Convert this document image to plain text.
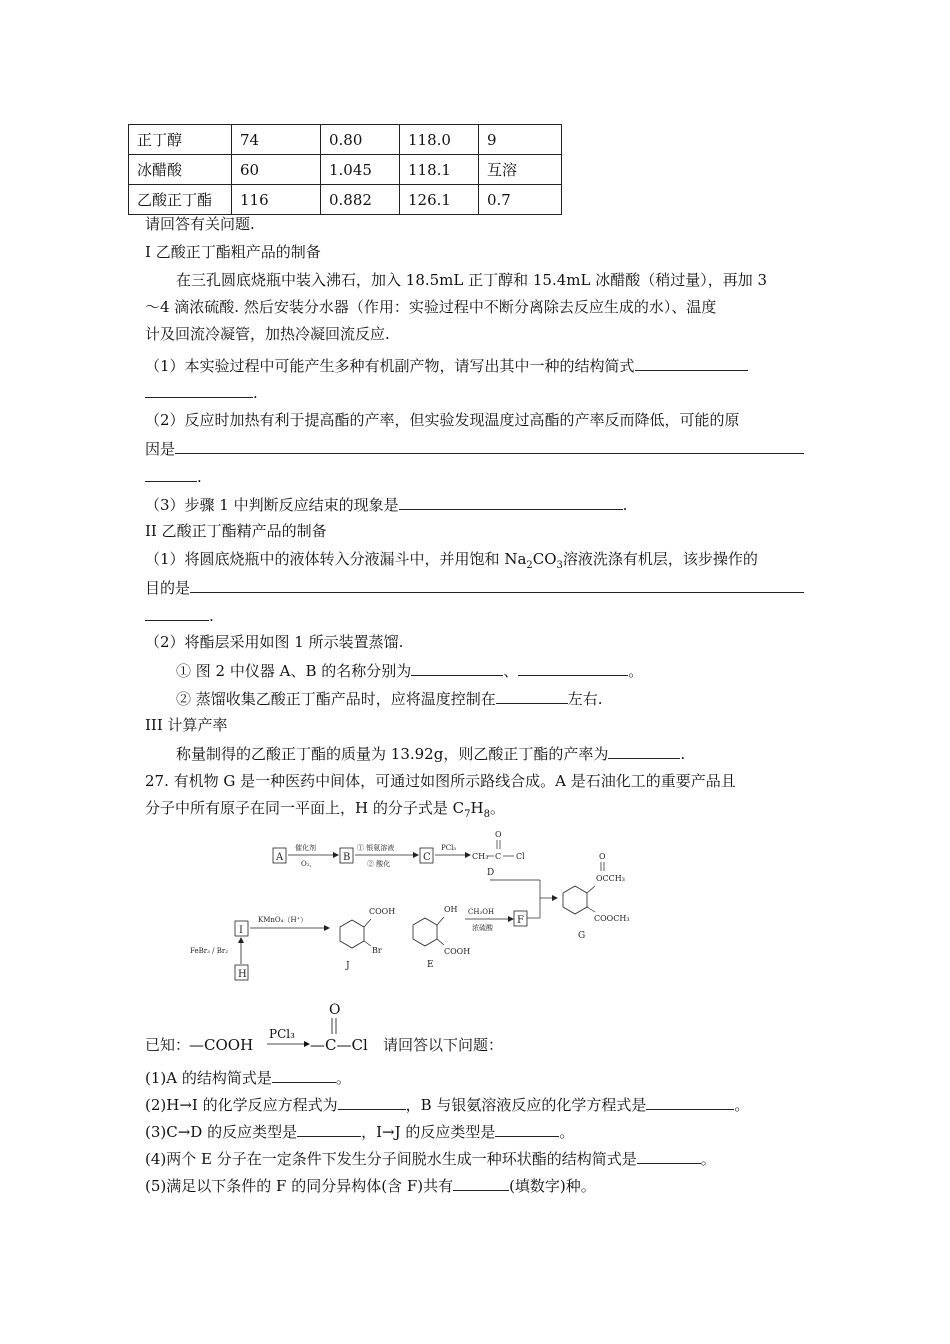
正丁醇	74	0.80	118.0	9
冰醋酸	60	1.045	118.1	互溶
乙酸正丁酯	116	0.882	126.1	0.7
请回答有关问题.
I 乙酸正丁酯粗产品的制备
在三孔圆底烧瓶中装入沸石，加入 18.5mL 正丁醇和 15.4mL 冰醋酸（稍过量），再加 3
～4 滴浓硫酸. 然后安装分水器（作用：实验过程中不断分离除去反应生成的水）、温度
计及回流冷凝管，加热冷凝回流反应.
（1）本实验过程中可能产生多种有机副产物，请写出其中一种的结构简式
.
（2）反应时加热有利于提高酯的产率，但实验发现温度过高酯的产率反而降低，可能的原
因是
.
（3）步骤 1 中判断反应结束的现象是	.
II 乙酸正丁酯精产品的制备
（1）将圆底烧瓶中的液体转入分液漏斗中，并用饱和 $Na_2CO_3$溶液洗涤有机层，该步操作的
目的是
.
（2）将酯层采用如图 1 所示装置蒸馏.
① 图 2 中仪器 A、B 的名称分别为	、	。
② 蒸馏收集乙酸正丁酯产品时，应将温度控制在	左右.
III 计算产率
称量制得的乙酸正丁酯的质量为 13.92g，则乙酸正丁酯的产率为	.
27. 有机物 G 是一种医药中间体，可通过如图所示路线合成。A 是石油化工的重要产品且
分子中所有原子在同一平面上，H 的分子式是 $C_7H_8$。
A
催化剂
O₂，
B
① 银氨溶液
② 酸化
C
PCl₃
CH₃ C Cl
O
D
OCCH₃
O
COOCH₃
G
I
KMnO₄（H⁺）
H
FeBr₃ / Br₂
COOH
Br
J
OH
COOH
E
CH₃OH
浓硫酸
F
已知：
—COOH
PCl₃
O
—C—Cl 请回答以下问题：
(1)A 的结构简式是	。
(2)H→I 的化学反应方程式为	，B 与银氨溶液反应的化学方程式是	。
(3)C→D 的反应类型是	，I→J 的反应类型是	。
(4)两个 E 分子在一定条件下发生分子间脱水生成一种环状酯的结构简式是	。
(5)满足以下条件的 F 的同分异构体(含 F)共有	(填数字)种。
